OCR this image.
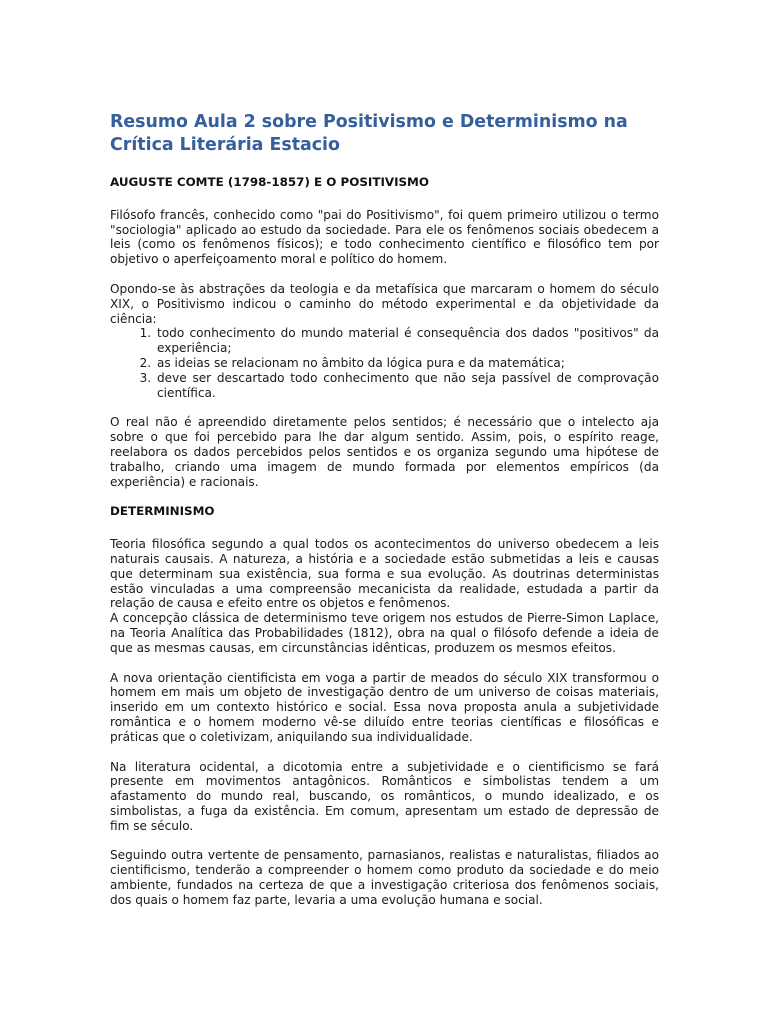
Resumo Aula 2 sobre Positivismo e Determinismo na Crítica Literária Estacio
AUGUSTE COMTE (1798-1857) E O POSITIVISMO

Filósofo francês, conhecido como "pai do Positivismo", foi quem primeiro utilizou o termo "sociologia" aplicado ao estudo da sociedade. Para ele os fenômenos sociais obedecem a leis (como os fenômenos físicos); e todo conhecimento científico e filosófico tem por objetivo o aperfeiçoamento moral e político do homem.

Opondo-se às abstrações da teologia e da metafísica que marcaram o homem do século XIX, o Positivismo indicou o caminho do método experimental e da objetividade da ciência:

1. todo conhecimento do mundo material é consequência dos dados "positivos" da experiência;
2. as ideias se relacionam no âmbito da lógica pura e da matemática;
3. deve ser descartado todo conhecimento que não seja passível de comprovação científica.

O real não é apreendido diretamente pelos sentidos; é necessário que o intelecto aja sobre o que foi percebido para lhe dar algum sentido. Assim, pois, o espírito reage, reelabora os dados percebidos pelos sentidos e os organiza segundo uma hipótese de trabalho, criando uma imagem de mundo formada por elementos empíricos (da experiência) e racionais.

DETERMINISMO

Teoria filosófica segundo a qual todos os acontecimentos do universo obedecem a leis naturais causais. A natureza, a história e a sociedade estão submetidas a leis e causas que determinam sua existência, sua forma e sua evolução. As doutrinas deterministas estão vinculadas a uma compreensão mecanicista da realidade, estudada a partir da relação de causa e efeito entre os objetos e fenômenos.

A concepção clássica de determinismo teve origem nos estudos de Pierre-Simon Laplace, na Teoria Analítica das Probabilidades (1812), obra na qual o filósofo defende a ideia de que as mesmas causas, em circunstâncias idênticas, produzem os mesmos efeitos.

A nova orientação cientificista em voga a partir de meados do século XIX transformou o homem em mais um objeto de investigação dentro de um universo de coisas materiais, inserido em um contexto histórico e social. Essa nova proposta anula a subjetividade romântica e o homem moderno vê-se diluído entre teorias científicas e filosóficas e práticas que o coletivizam, aniquilando sua individualidade.

Na literatura ocidental, a dicotomia entre a subjetividade e o cientificismo se fará presente em movimentos antagônicos. Românticos e simbolistas tendem a um afastamento do mundo real, buscando, os românticos, o mundo idealizado, e os simbolistas, a fuga da existência. Em comum, apresentam um estado de depressão de fim se século.

Seguindo outra vertente de pensamento, parnasianos, realistas e naturalistas, filiados ao cientificismo, tenderão a compreender o homem como produto da sociedade e do meio ambiente, fundados na certeza de que a investigação criteriosa dos fenômenos sociais, dos quais o homem faz parte, levaria a uma evolução humana e social.
